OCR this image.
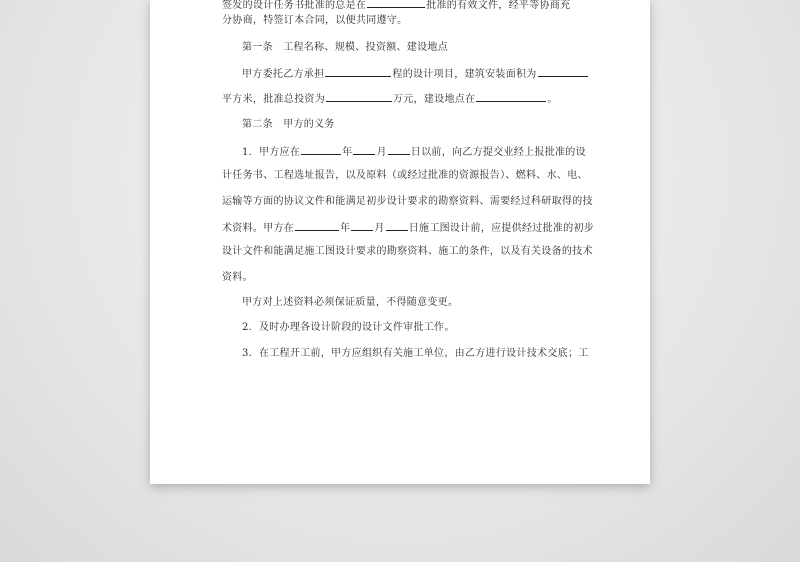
签发的设计任务书批准的总是在	批准的有效文件，经平等协商充
分协商，特签订本合同，以便共同遵守。
第一条　工程名称、规模、投资额、建设地点
甲方委托乙方承担	程的设计项目，建筑安装面积为
平方米，批准总投资为	万元，建设地点在	。
第二条　甲方的义务
1．甲方应在	年 月 日以前，向乙方提交业经上报批准的设
计任务书、工程选址报告，以及原料（或经过批准的资源报告）、燃料、水、电、
运输等方面的协议文件和能满足初步设计要求的勘察资料、需要经过科研取得的技
术资料。甲方在	年 月 日施工图设计前，应提供经过批准的初步
设计文件和能满足施工图设计要求的勘察资料、施工的条件，以及有关设备的技术
资料。
甲方对上述资料必须保证质量，不得随意变更。
2．及时办理各设计阶段的设计文件审批工作。
3．在工程开工前，甲方应组织有关施工单位，由乙方进行设计技术交底；工
